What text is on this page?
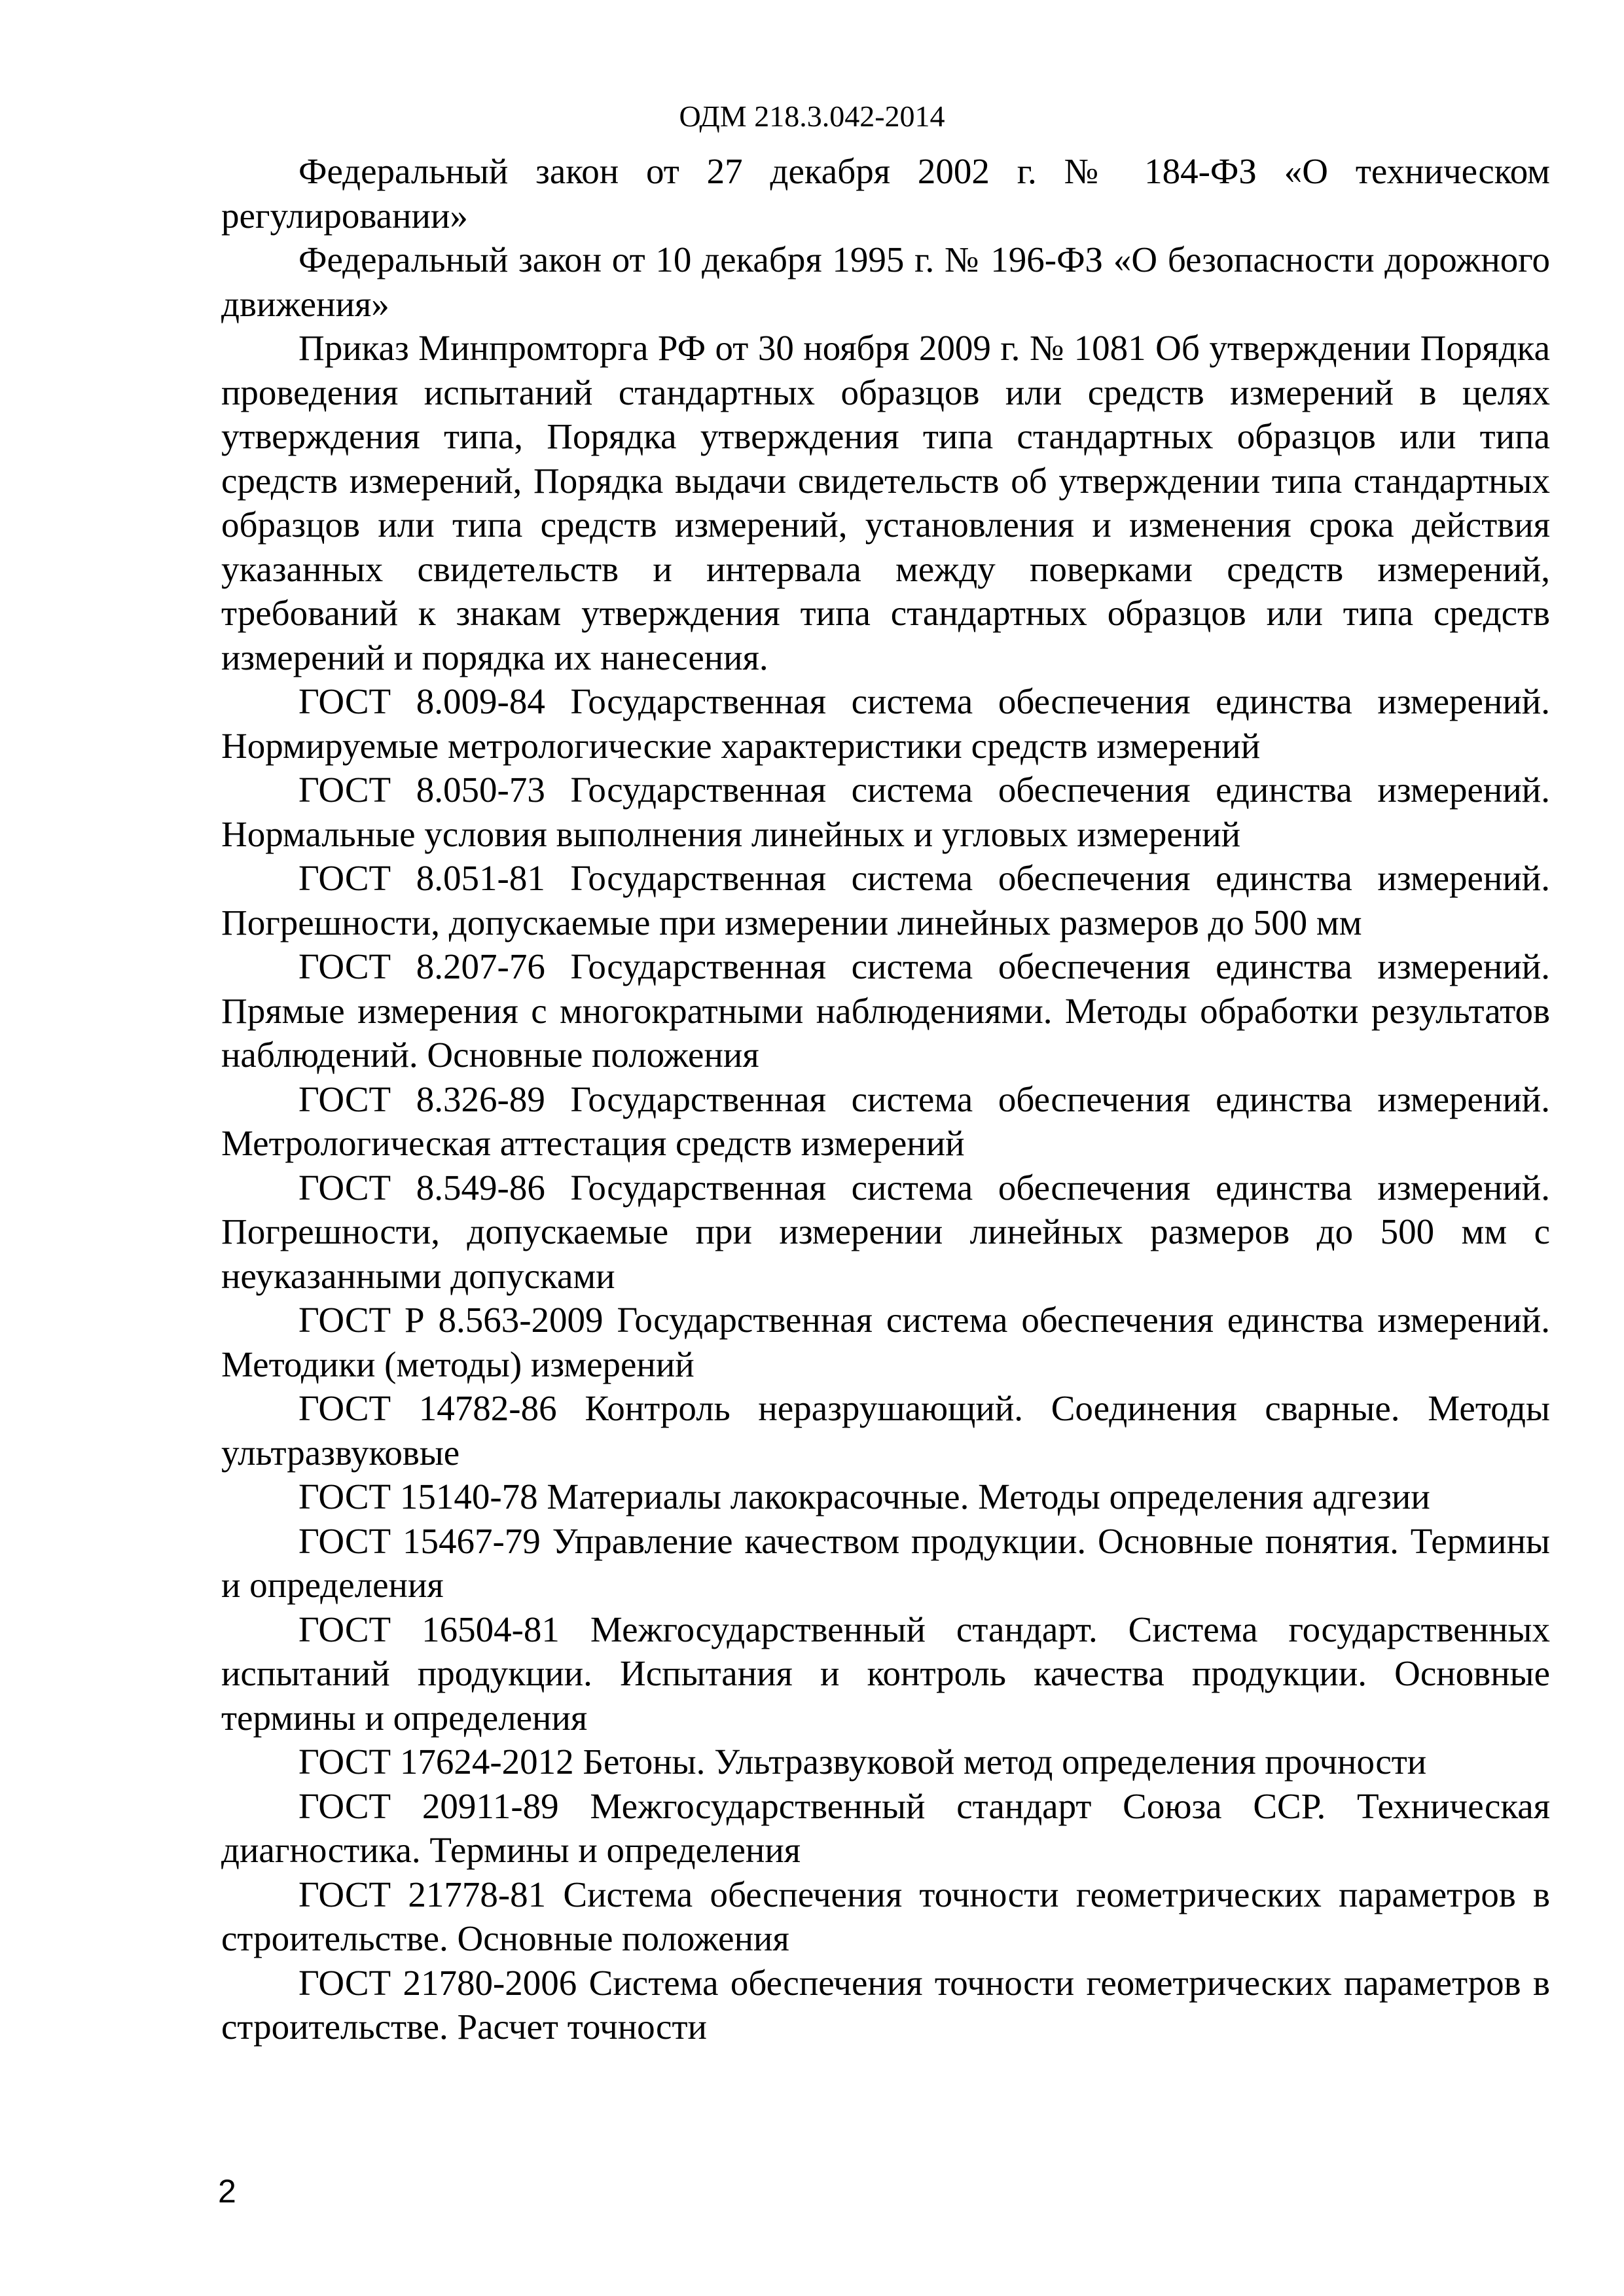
ОДМ 218.3.042-2014

Федеральный закон от 27 декабря 2002 г. № 184-ФЗ «О техническом регулировании»

Федеральный закон от 10 декабря 1995 г. № 196-ФЗ «О безопасности дорожного движения»

Приказ Минпромторга РФ от 30 ноября 2009 г. № 1081 Об утверждении Порядка проведения испытаний стандартных образцов или средств измерений в целях утверждения типа, Порядка утверждения типа стандартных образцов или типа средств измерений, Порядка выдачи свидетельств об утверждении типа стандартных образцов или типа средств измерений, установления и изменения срока действия указанных свидетельств и интервала между поверками средств измерений, требований к знакам утверждения типа стандартных образцов или типа средств измерений и порядка их нанесения.

ГОСТ 8.009-84 Государственная система обеспечения единства измерений. Нормируемые метрологические характеристики средств измерений

ГОСТ 8.050-73 Государственная система обеспечения единства измерений. Нормальные условия выполнения линейных и угловых измерений

ГОСТ 8.051-81 Государственная система обеспечения единства измерений. Погрешности, допускаемые при измерении линейных размеров до 500 мм

ГОСТ 8.207-76 Государственная система обеспечения единства измерений. Прямые измерения с многократными наблюдениями. Методы обработки результатов наблюдений. Основные положения

ГОСТ 8.326-89 Государственная система обеспечения единства измерений. Метрологическая аттестация средств измерений

ГОСТ 8.549-86 Государственная система обеспечения единства измерений. Погрешности, допускаемые при измерении линейных размеров до 500 мм с неуказанными допусками

ГОСТ Р 8.563-2009 Государственная система обеспечения единства измерений. Методики (методы) измерений

ГОСТ 14782-86 Контроль неразрушающий. Соединения сварные. Методы ультразвуковые

ГОСТ 15140-78 Материалы лакокрасочные. Методы определения адгезии

ГОСТ 15467-79 Управление качеством продукции. Основные понятия. Термины и определения

ГОСТ 16504-81 Межгосударственный стандарт. Система государственных испытаний продукции. Испытания и контроль качества продукции. Основные термины и определения

ГОСТ 17624-2012 Бетоны. Ультразвуковой метод определения прочности

ГОСТ 20911-89 Межгосударственный стандарт Союза ССР. Техническая диагностика. Термины и определения

ГОСТ 21778-81 Система обеспечения точности геометрических параметров в строительстве. Основные положения

ГОСТ 21780-2006 Система обеспечения точности геометрических параметров в строительстве. Расчет точности

2
